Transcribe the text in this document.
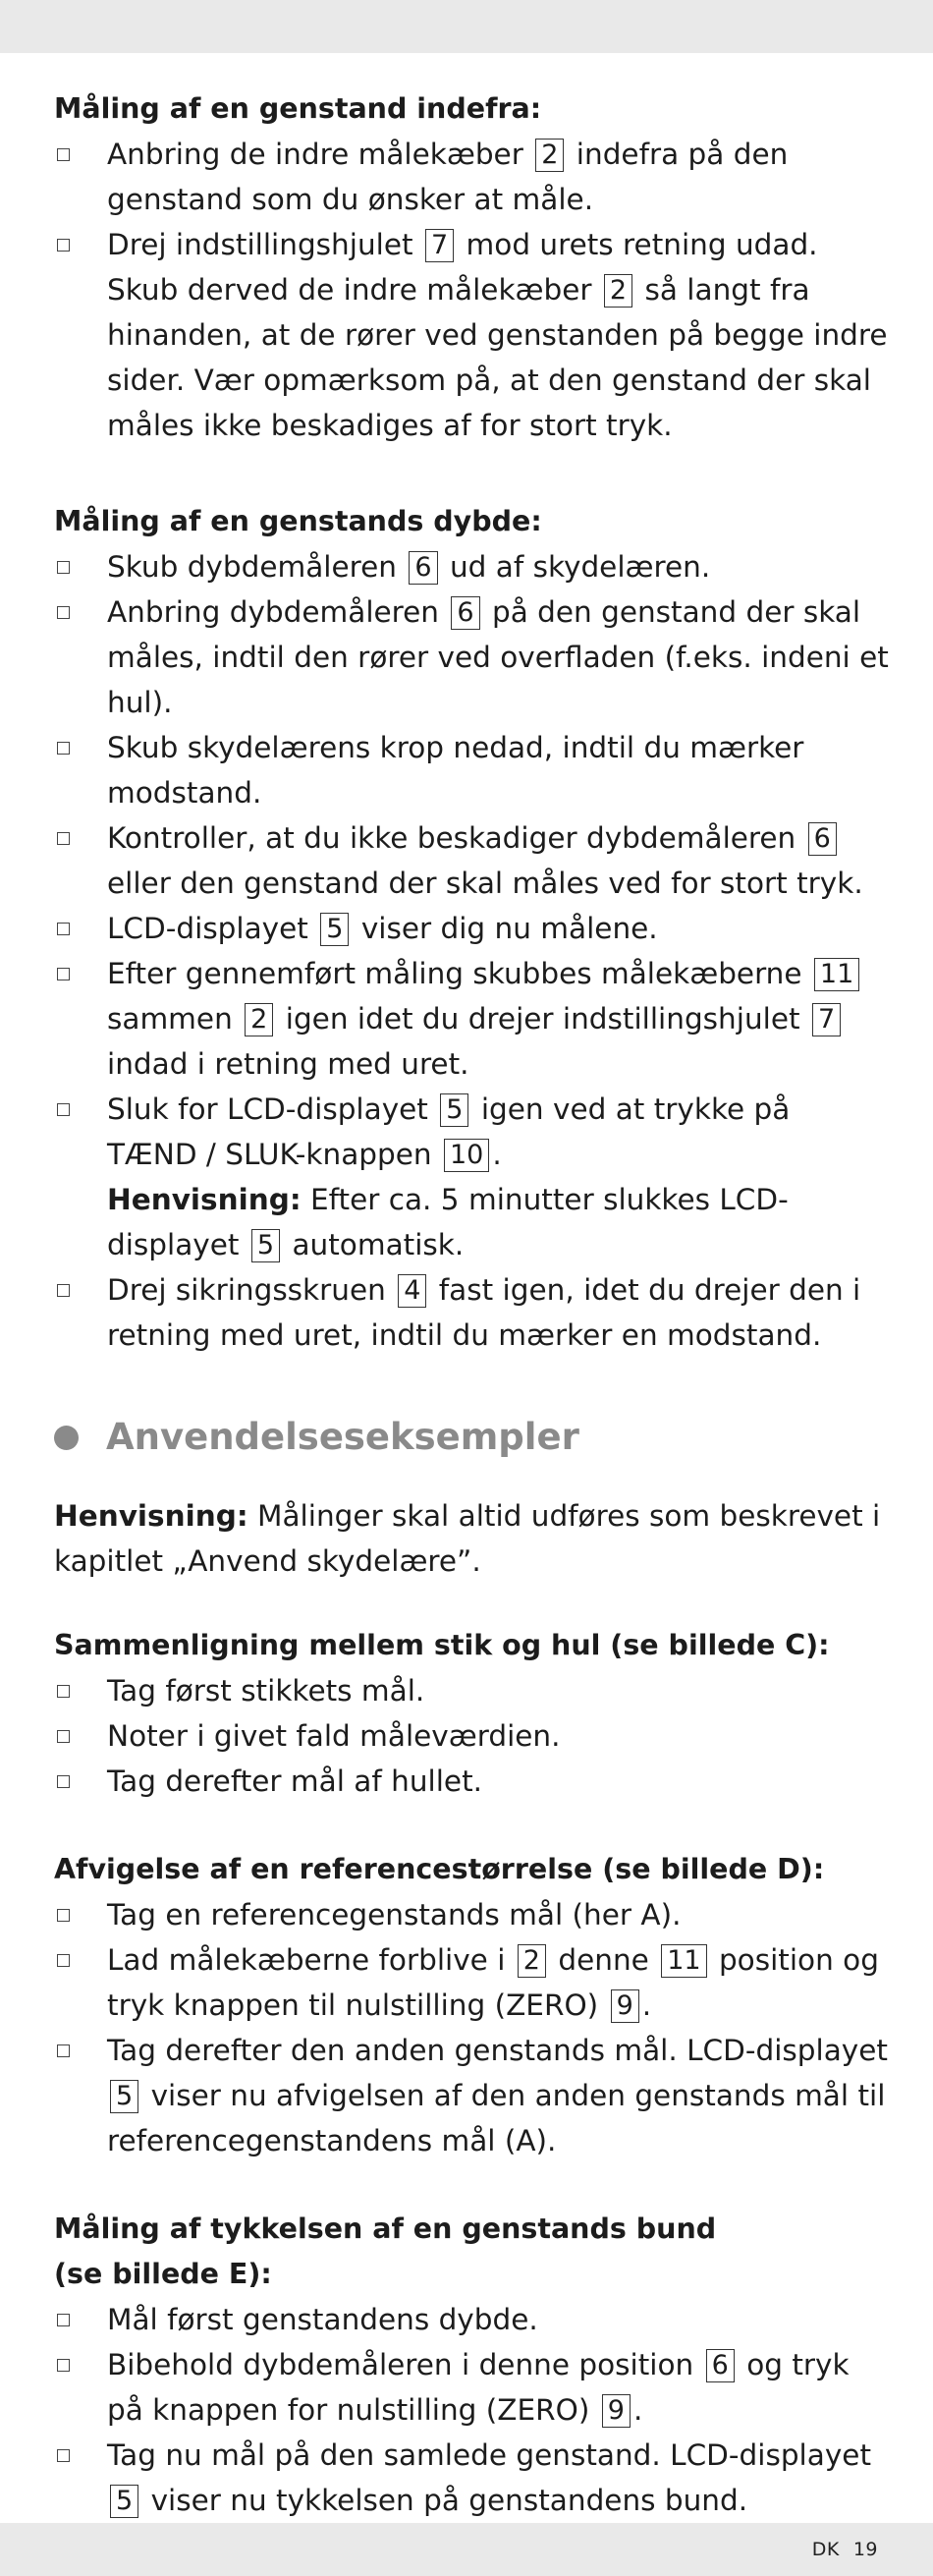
Måling af en genstand indefra:
Anbring de indre målekæber 2 indefra på den genstand som du ønsker at måle.
Drej indstillingshjulet 7 mod urets retning udad. Skub derved de indre målekæber 2 så langt fra hinanden, at de rører ved genstanden på begge indre sider. Vær opmærksom på, at den genstand der skal måles ikke beskadiges af for stort tryk.
Måling af en genstands dybde:
Skub dybdemåleren 6 ud af skydelæren.
Anbring dybdemåleren 6 på den genstand der skal måles, indtil den rører ved overfladen (f.eks. indeni et hul).
Skub skydelærens krop nedad, indtil du mærker modstand.
Kontroller, at du ikke beskadiger dybdemåleren 6 eller den genstand der skal måles ved for stort tryk.
LCD-displayet 5 viser dig nu målene.
Efter gennemført måling skubbes målekæberne 11 sammen 2 igen idet du drejer indstillingshjulet 7 indad i retning med uret.
Sluk for LCD-displayet 5 igen ved at trykke på TÆND / SLUK-knappen 10 .
Henvisning: Efter ca. 5 minutter slukkes LCD-displayet 5 automatisk.
Drej sikringsskruen 4 fast igen, idet du drejer den i retning med uret, indtil du mærker en modstand.
Anvendelseseksempler

Henvisning: Målinger skal altid udføres som beskrevet i kapitlet „Anvend skydelære”.

Sammenligning mellem stik og hul (se billede C):
Tag først stikkets mål.
Noter i givet fald måleværdien.
Tag derefter mål af hullet.
Afvigelse af en referencestørrelse (se billede D):
Tag en referencegenstands mål (her A).
Lad målekæberne forblive i 2 denne 11 position og tryk knappen til nulstilling (ZERO) 9 .
Tag derefter den anden genstands mål. LCD-displayet 5 viser nu afvigelsen af den anden genstands mål til referencegenstandens mål (A).
Måling af tykkelsen af en genstands bund
(se billede E):
Mål først genstandens dybde.
Bibehold dybdemåleren i denne position 6 og tryk på knappen for nulstilling (ZERO) 9 .
Tag nu mål på den samlede genstand. LCD-displayet 5 viser nu tykkelsen på genstandens bund.
DK 19
